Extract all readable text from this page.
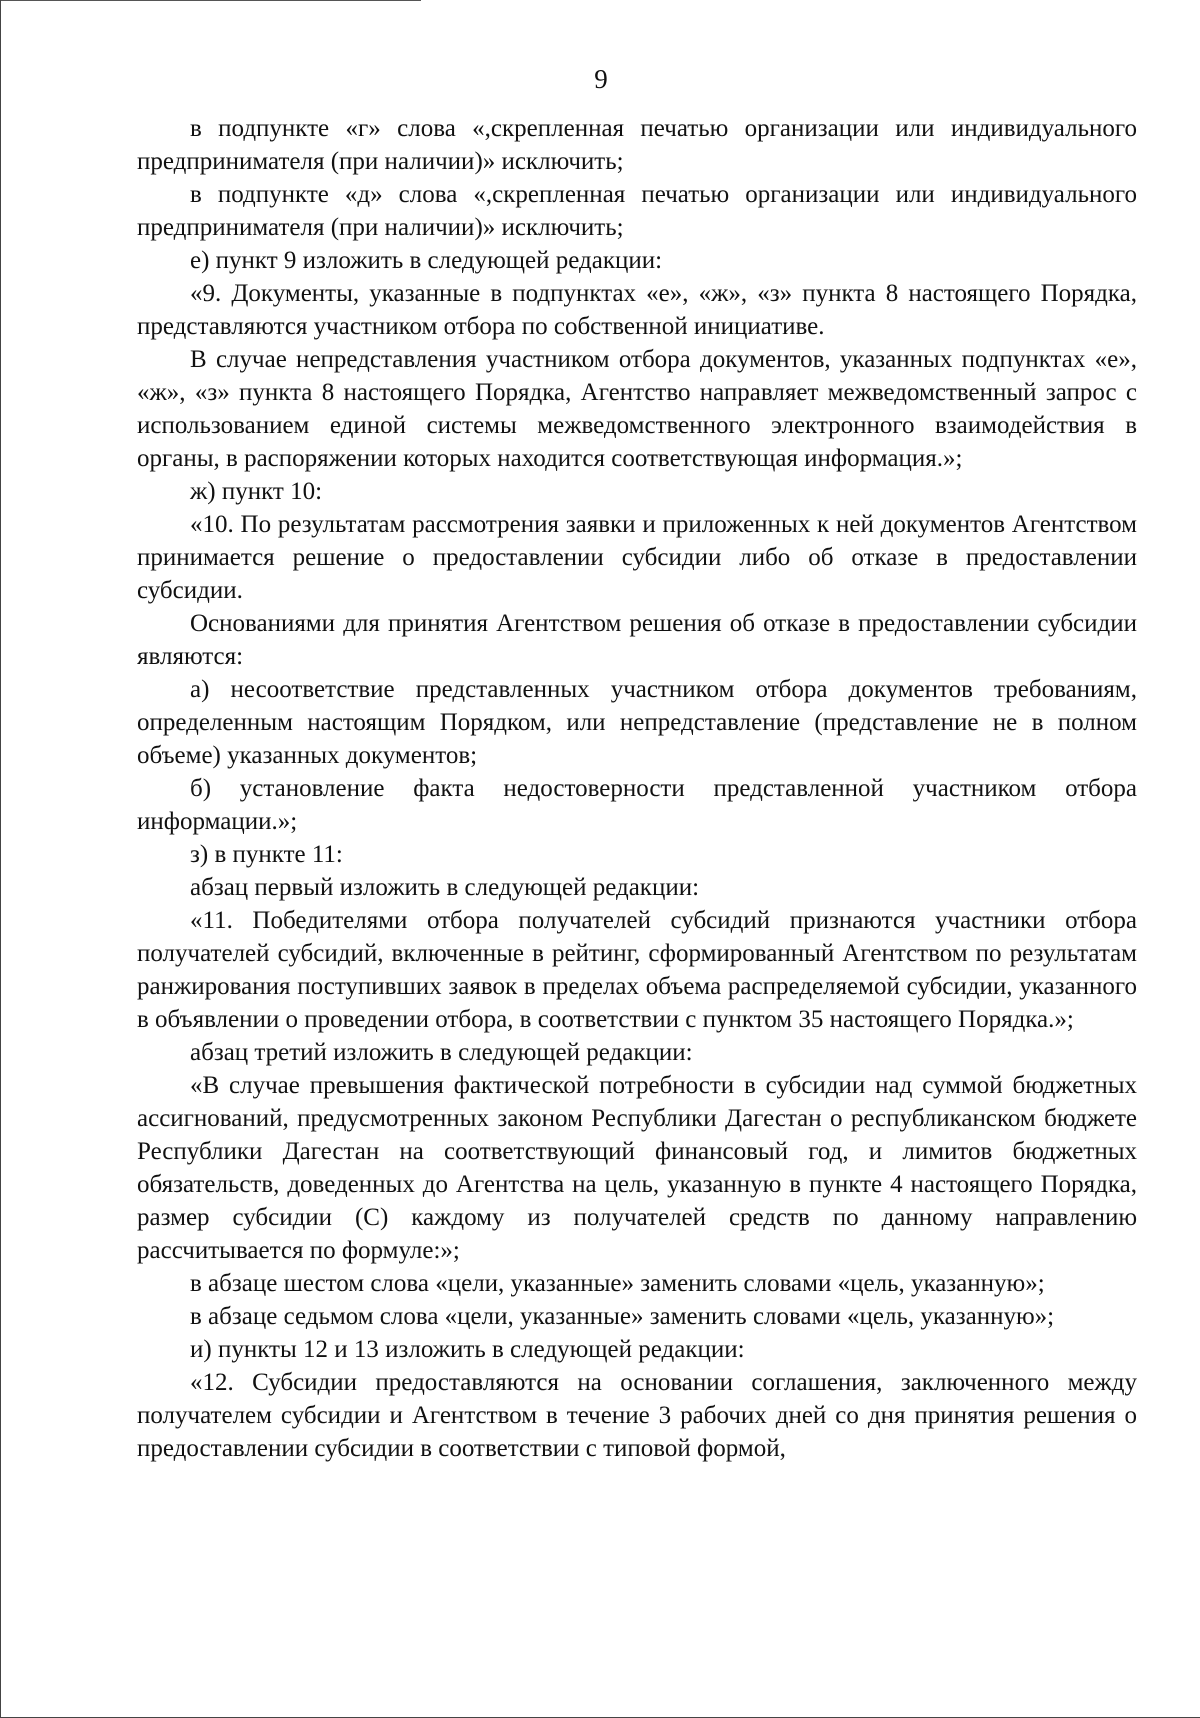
9

в подпункте «г» слова «,скрепленная печатью организации или индивидуального предпринимателя (при наличии)» исключить;

в подпункте «д» слова «,скрепленная печатью организации или индивидуального предпринимателя (при наличии)» исключить;

е) пункт 9 изложить в следующей редакции:

«9. Документы, указанные в подпунктах «е», «ж», «з» пункта 8 настоящего Порядка, представляются участником отбора по собственной инициативе.

В случае непредставления участником отбора документов, указанных подпунктах «е», «ж», «з» пункта 8 настоящего Порядка, Агентство направляет межведомственный запрос с использованием единой системы межведомственного электронного взаимодействия в органы, в распоряжении которых находится соответствующая информация.»;

ж) пункт 10:

«10. По результатам рассмотрения заявки и приложенных к ней документов Агентством принимается решение о предоставлении субсидии либо об отказе в предоставлении субсидии.

Основаниями для принятия Агентством решения об отказе в предоставлении субсидии являются:

а) несоответствие представленных участником отбора документов требованиям, определенным настоящим Порядком, или непредставление (представление не в полном объеме) указанных документов;

б) установление факта недостоверности представленной участником отбора информации.»;

з) в пункте 11:

абзац первый изложить в следующей редакции:

«11. Победителями отбора получателей субсидий признаются участники отбора получателей субсидий, включенные в рейтинг, сформированный Агентством по результатам ранжирования поступивших заявок в пределах объема распределяемой субсидии, указанного в объявлении о проведении отбора, в соответствии с пунктом 35 настоящего Порядка.»;

абзац третий изложить в следующей редакции:

«В случае превышения фактической потребности в субсидии над суммой бюджетных ассигнований, предусмотренных законом Республики Дагестан о республиканском бюджете Республики Дагестан на соответствующий финансовый год, и лимитов бюджетных обязательств, доведенных до Агентства на цель, указанную в пункте 4 настоящего Порядка, размер субсидии (С) каждому из получателей средств по данному направлению рассчитывается по формуле:»;

в абзаце шестом слова «цели, указанные» заменить словами «цель, указанную»;

в абзаце седьмом слова «цели, указанные» заменить словами «цель, указанную»;

и) пункты 12 и 13 изложить в следующей редакции:

«12. Субсидии предоставляются на основании соглашения, заключенного между получателем субсидии и Агентством в течение 3 рабочих дней со дня принятия решения о предоставлении субсидии в соответствии с типовой формой,
